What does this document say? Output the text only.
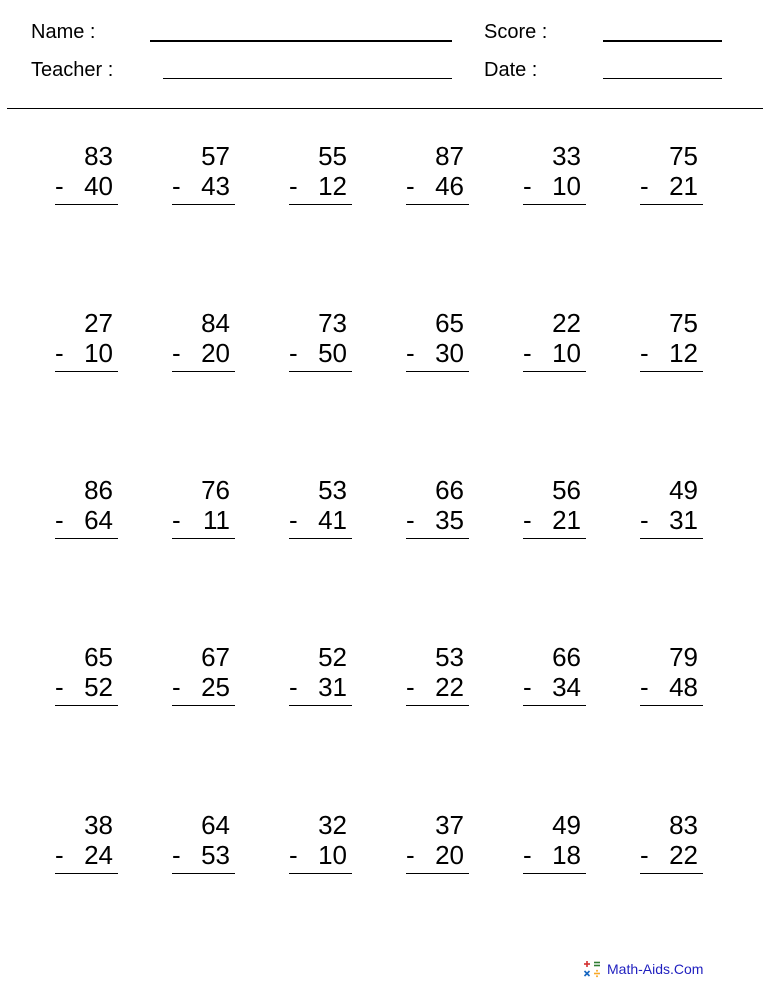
Name :
Teacher :
Score :
Date :
83
- 40
57
- 43
55
- 12
87
- 46
33
- 10
75
- 21
27
- 10
84
- 20
73
- 50
65
- 30
22
- 10
75
- 12
86
- 64
76
- 11
53
- 41
66
- 35
56
- 21
49
- 31
65
- 52
67
- 25
52
- 31
53
- 22
66
- 34
79
- 48
38
- 24
64
- 53
32
- 10
37
- 20
49
- 18
83
- 22
Math-Aids.Com
